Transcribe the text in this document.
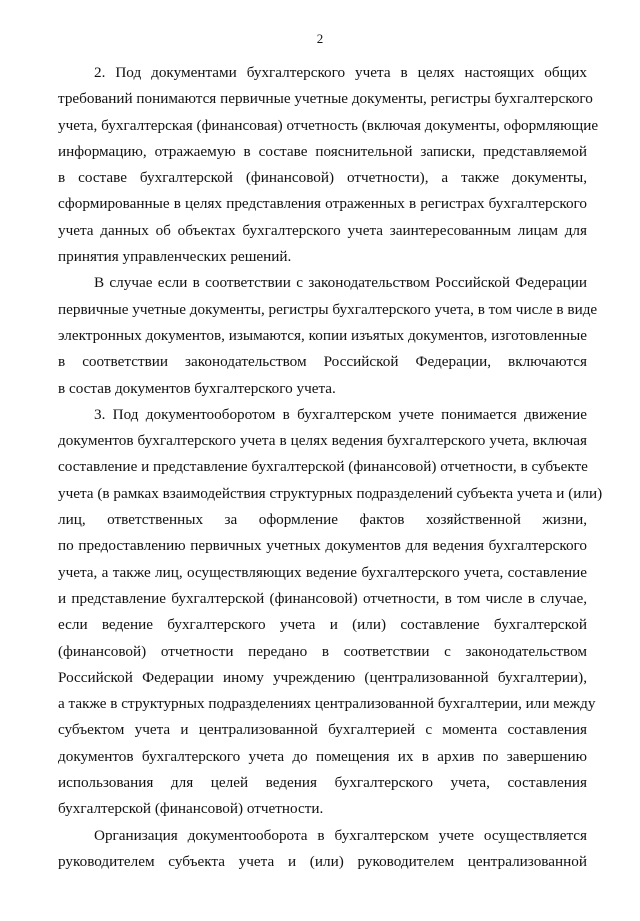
2
2. Под документами бухгалтерского учета в целях настоящих общих
требований понимаются первичные учетные документы, регистры бухгалтерского
учета, бухгалтерская (финансовая) отчетность (включая документы, оформляющие
информацию, отражаемую в составе пояснительной записки, представляемой
в составе бухгалтерской (финансовой) отчетности), а также документы,
сформированные в целях представления отраженных в регистрах бухгалтерского
учета данных об объектах бухгалтерского учета заинтересованным лицам для
принятия управленческих решений.
В случае если в соответствии с законодательством Российской Федерации
первичные учетные документы, регистры бухгалтерского учета, в том числе в виде
электронных документов, изымаются, копии изъятых документов, изготовленные
в соответствии законодательством Российской Федерации, включаются
в состав документов бухгалтерского учета.
3. Под документооборотом в бухгалтерском учете понимается движение
документов бухгалтерского учета в целях ведения бухгалтерского учета, включая
составление и представление бухгалтерской (финансовой) отчетности, в субъекте
учета (в рамках взаимодействия структурных подразделений субъекта учета и (или)
лиц, ответственных за оформление фактов хозяйственной жизни,
по предоставлению первичных учетных документов для ведения бухгалтерского
учета, а также лиц, осуществляющих ведение бухгалтерского учета, составление
и представление бухгалтерской (финансовой) отчетности, в том числе в случае,
если ведение бухгалтерского учета и (или) составление бухгалтерской
(финансовой) отчетности передано в соответствии с законодательством
Российской Федерации иному учреждению (централизованной бухгалтерии),
а также в структурных подразделениях централизованной бухгалтерии, или между
субъектом учета и централизованной бухгалтерией с момента составления
документов бухгалтерского учета до помещения их в архив по завершению
использования для целей ведения бухгалтерского учета, составления
бухгалтерской (финансовой) отчетности.
Организация документооборота в бухгалтерском учете осуществляется
руководителем субъекта учета и (или) руководителем централизованной
